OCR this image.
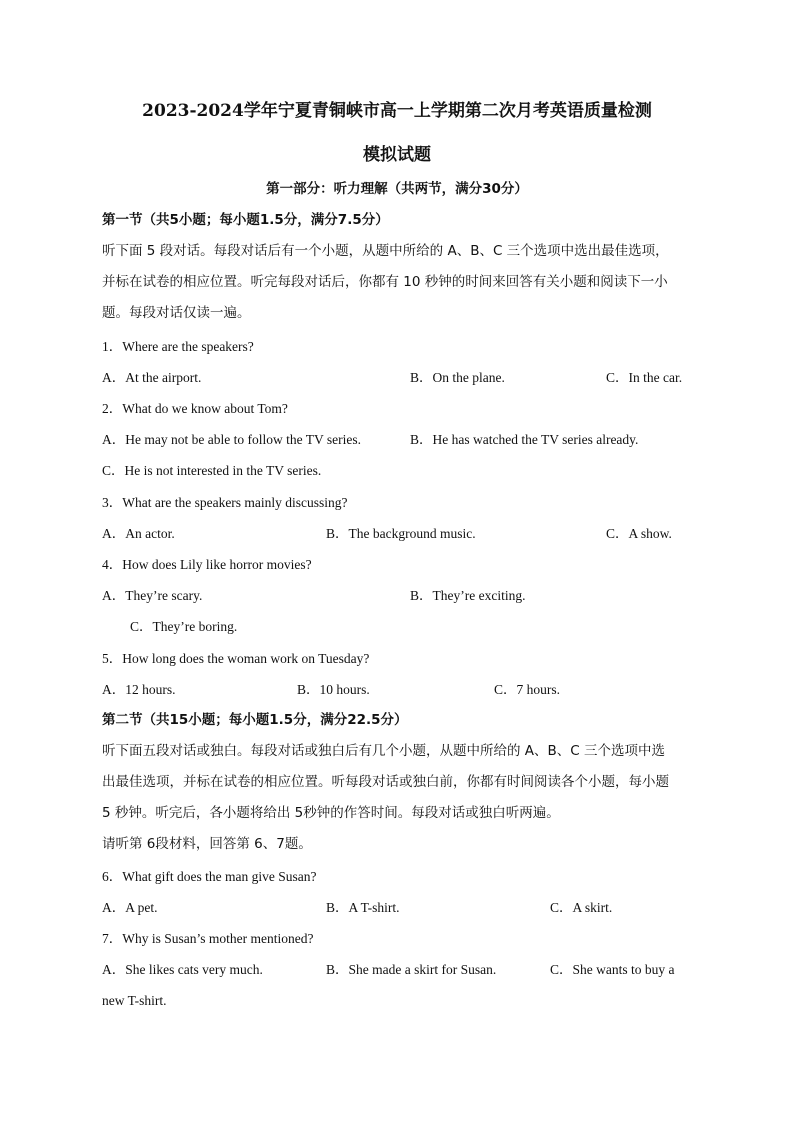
2023-2024学年宁夏青铜峡市高一上学期第二次月考英语质量检测
模拟试题
第一部分：听力理解（共两节，满分30分）
第一节（共5小题；每小题1.5分，满分7.5分）
听下面 5 段对话。每段对话后有一个小题，从题中所给的 A、B、C 三个选项中选出最佳选项，
并标在试卷的相应位置。听完每段对话后，你都有 10 秒钟的时间来回答有关小题和阅读下一小
题。每段对话仅读一遍。
1．Where are the speakers?
A．At the airport.	B．On the plane.	C．In the car.
2．What do we know about Tom?
A．He may not be able to follow the TV series.	B．He has watched the TV series already.
C．He is not interested in the TV series.
3．What are the speakers mainly discussing?
A．An actor.	B．The background music.	C．A show.
4．How does Lily like horror movies?
A．They’re scary.	B．They’re exciting.
C．They’re boring.
5．How long does the woman work on Tuesday?
A．12 hours.	B．10 hours.	C．7 hours.
第二节（共15小题；每小题1.5分，满分22.5分）
听下面五段对话或独白。每段对话或独白后有几个小题，从题中所给的 A、B、C 三个选项中选
出最佳选项，并标在试卷的相应位置。听每段对话或独白前，你都有时间阅读各个小题，每小题
5 秒钟。听完后，各小题将给出 5秒钟的作答时间。每段对话或独白听两遍。
请听第 6段材料，回答第 6、7题。
6．What gift does the man give Susan?
A．A pet.	B．A T-shirt.	C．A skirt.
7．Why is Susan’s mother mentioned?
A．She likes cats very much.	B．She made a skirt for Susan.	C．She wants to buy a
new T-shirt.
